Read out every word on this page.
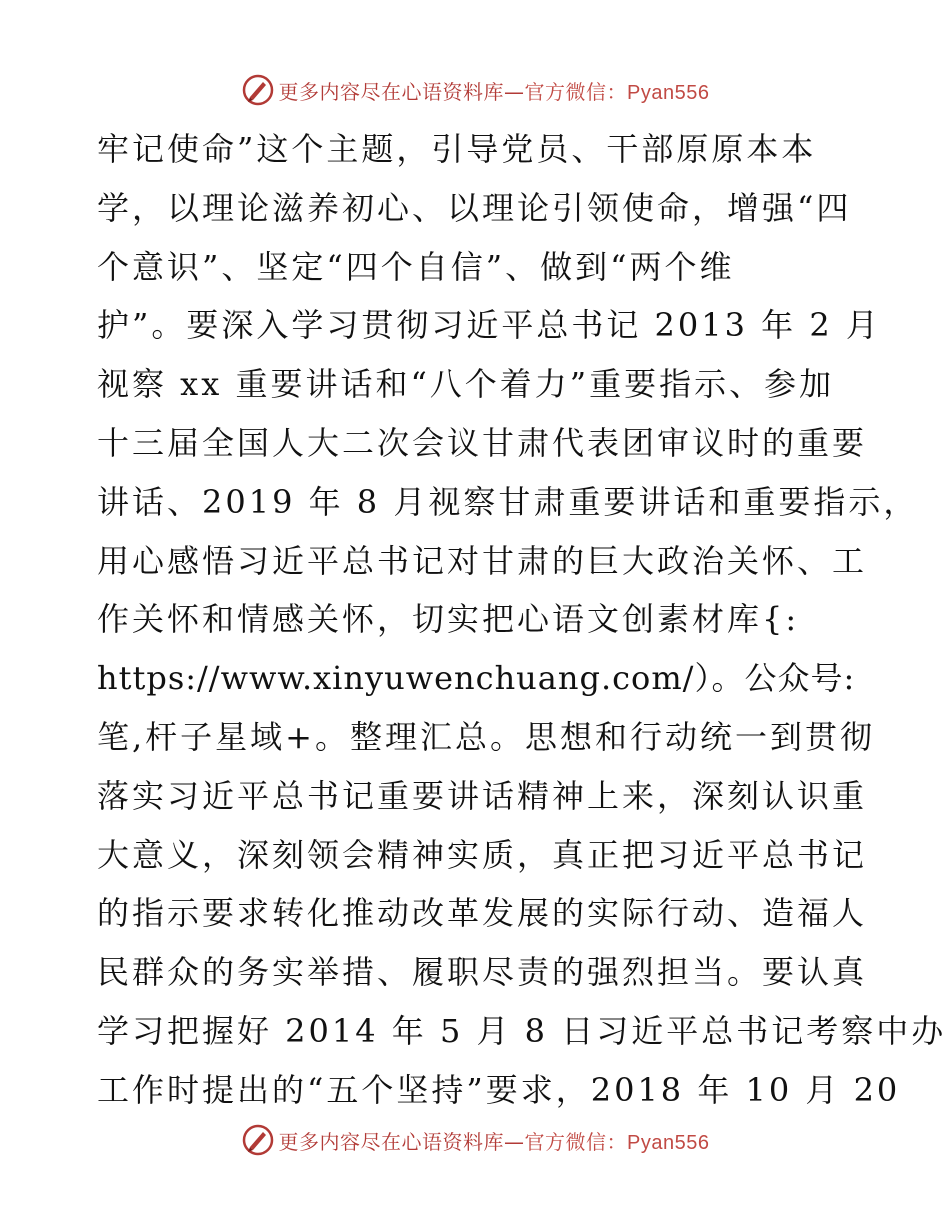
更多内容尽在心语资料库—官方微信：Pyan556
牢记使命”这个主题，引导党员、干部原原本本
学，以理论滋养初心、以理论引领使命，增强“四
个意识”、坚定“四个自信”、做到“两个维
护”。要深入学习贯彻习近平总书记 2013 年 2 月
视察 xx 重要讲话和“八个着力”重要指示、参加
十三届全国人大二次会议甘肃代表团审议时的重要
讲话、2019 年 8 月视察甘肃重要讲话和重要指示，
用心感悟习近平总书记对甘肃的巨大政治关怀、工
作关怀和情感关怀，切实把心语文创素材库{:
https://www.xinyuwenchuang.com/）。公众号:
笔,杆子星域+。整理汇总。思想和行动统一到贯彻
落实习近平总书记重要讲话精神上来，深刻认识重
大意义，深刻领会精神实质，真正把习近平总书记
的指示要求转化推动改革发展的实际行动、造福人
民群众的务实举措、履职尽责的强烈担当。要认真
学习把握好 2014 年 5 月 8 日习近平总书记考察中办
工作时提出的“五个坚持”要求，2018 年 10 月 20
更多内容尽在心语资料库—官方微信：Pyan556
